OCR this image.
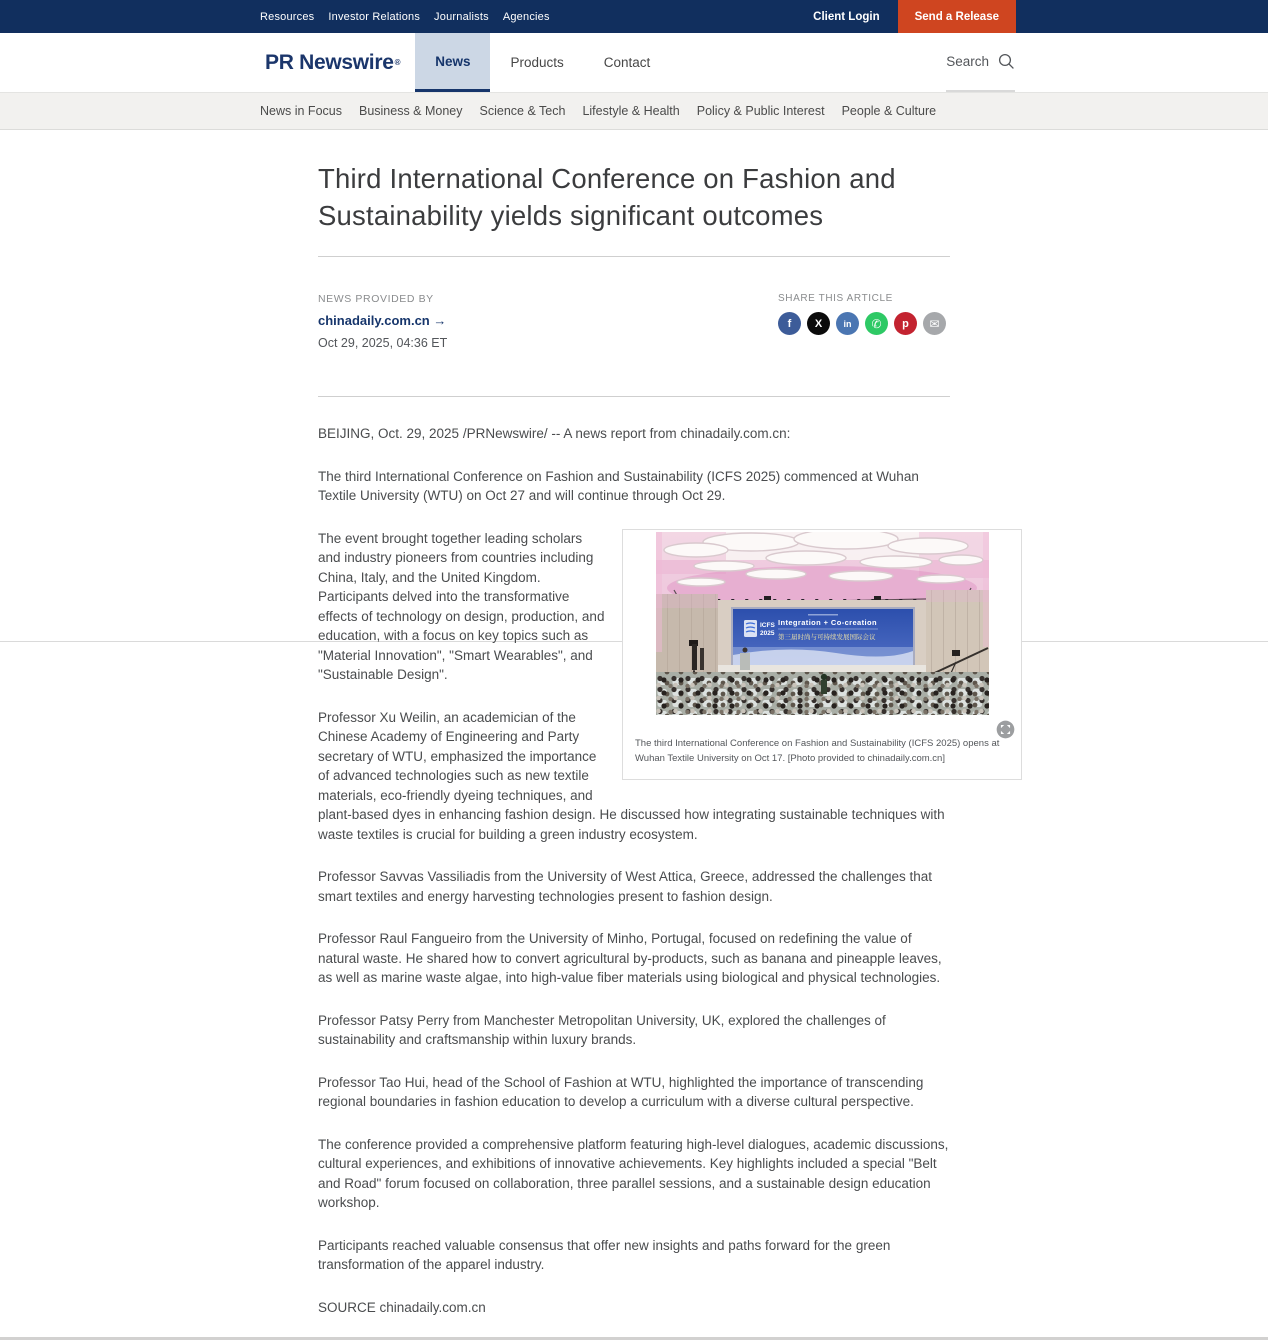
Resources Investor Relations Journalists Agencies	Client Login	Send a Release
PR Newswire ®	News	Products	Contact	Search
News in Focus Business & Money Science & Tech Lifestyle & Health Policy & Public Interest People & Culture
Third International Conference on Fashion and Sustainability yields significant outcomes
NEWS PROVIDED BY
chinadaily.com.cn →
Oct 29, 2025, 04:36 ET
SHARE THIS ARTICLE
f X in ✆ p ✉

BEIJING, Oct. 29, 2025 /PRNewswire/ -- A news report from chinadaily.com.cn:

The third International Conference on Fashion and Sustainability (ICFS 2025) commenced at Wuhan Textile University (WTU) on Oct 27 and will continue through Oct 29.

ICFS
2025
Integration + Co-creation
第三届时尚与可持续发展国际会议
The third International Conference on Fashion and Sustainability (ICFS 2025) opens at Wuhan Textile University on Oct 17. [Photo provided to chinadaily.com.cn]

The event brought together leading scholars and industry pioneers from countries including China, Italy, and the United Kingdom. Participants delved into the transformative effects of technology on design, production, and education, with a focus on key topics such as "Material Innovation", "Smart Wearables", and "Sustainable Design".

Professor Xu Weilin, an academician of the Chinese Academy of Engineering and Party secretary of WTU, emphasized the importance of advanced technologies such as new textile materials, eco-friendly dyeing techniques, and plant-based dyes in enhancing fashion design. He discussed how integrating sustainable techniques with waste textiles is crucial for building a green industry ecosystem.

Professor Savvas Vassiliadis from the University of West Attica, Greece, addressed the challenges that smart textiles and energy harvesting technologies present to fashion design.

Professor Raul Fangueiro from the University of Minho, Portugal, focused on redefining the value of natural waste. He shared how to convert agricultural by-products, such as banana and pineapple leaves, as well as marine waste algae, into high-value fiber materials using biological and physical technologies.

Professor Patsy Perry from Manchester Metropolitan University, UK, explored the challenges of sustainability and craftsmanship within luxury brands.

Professor Tao Hui, head of the School of Fashion at WTU, highlighted the importance of transcending regional boundaries in fashion education to develop a curriculum with a diverse cultural perspective.

The conference provided a comprehensive platform featuring high-level dialogues, academic discussions, cultural experiences, and exhibitions of innovative achievements. Key highlights included a special "Belt and Road" forum focused on collaboration, three parallel sessions, and a sustainable design education workshop.

Participants reached valuable consensus that offer new insights and paths forward for the green transformation of the apparel industry.

SOURCE chinadaily.com.cn
